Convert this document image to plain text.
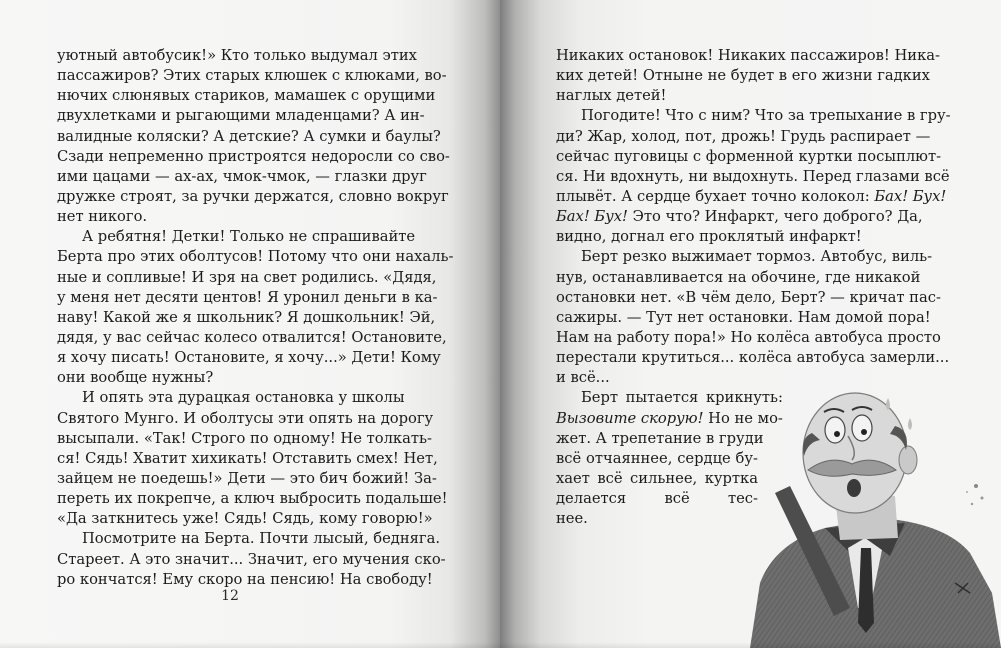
уютный автобусик!» Кто только выдумал этих
пассажиров? Этих старых клюшек с клюками, во-
нючих слюнявых стариков, мамашек с орущими
двухлетками и рыгающими младенцами? А ин-
валидные коляски? А детские? А сумки и баулы?
Сзади непременно пристроятся недоросли со сво-
ими цацами — ах-ах, чмок-чмок, — глазки друг
дружке строят, за ручки держатся, словно вокруг
нет никого.
А ребятня! Детки! Только не спрашивайте
Берта про этих оболтусов! Потому что они нахаль-
ные и сопливые! И зря на свет родились. «Дядя,
у меня нет десяти центов! Я уронил деньги в ка-
наву! Какой же я школьник? Я дошкольник! Эй,
дядя, у вас сейчас колесо отвалится! Остановите,
я хочу писать! Остановите, я хочу...» Дети! Кому
они вообще нужны?
И опять эта дурацкая остановка у школы
Святого Мунго. И оболтусы эти опять на дорогу
высыпали. «Так! Строго по одному! Не толкать-
ся! Сядь! Хватит хихикать! Отставить смех! Нет,
зайцем не поедешь!» Дети — это бич божий! За-
переть их покрепче, а ключ выбросить подальше!
«Да заткнитесь уже! Сядь! Сядь, кому говорю!»
Посмотрите на Берта. Почти лысый, бедняга.
Стареет. А это значит... Значит, его мучения ско-
ро кончатся! Ему скоро на пенсию! На свободу!
12
Никаких остановок! Никаких пассажиров! Ника-
ких детей! Отныне не будет в его жизни гадких
наглых детей!
Погодите! Что с ним? Что за трепыхание в гру-
ди? Жар, холод, пот, дрожь! Грудь распирает —
сейчас пуговицы с форменной куртки посыплют-
ся. Ни вдохнуть, ни выдохнуть. Перед глазами всё
плывёт. А сердце бухает точно колокол: Бах! Бух!
Бах! Бух! Это что? Инфаркт, чего доброго? Да,
видно, догнал его проклятый инфаркт!
Берт резко выжимает тормоз. Автобус, виль-
нув, останавливается на обочине, где никакой
остановки нет. «В чём дело, Берт? — кричат пас-
сажиры. — Тут нет остановки. Нам домой пора!
Нам на работу пора!» Но колёса автобуса просто
перестали крутиться... колёса автобуса замерли...
и всё...
Берт пытается крикнуть:
Вызовите скорую! Но не мо-
жет. А трепетание в груди
всё отчаяннее, сердце бу-
хает всё сильнее, куртка
делается всё тес-
нее.
